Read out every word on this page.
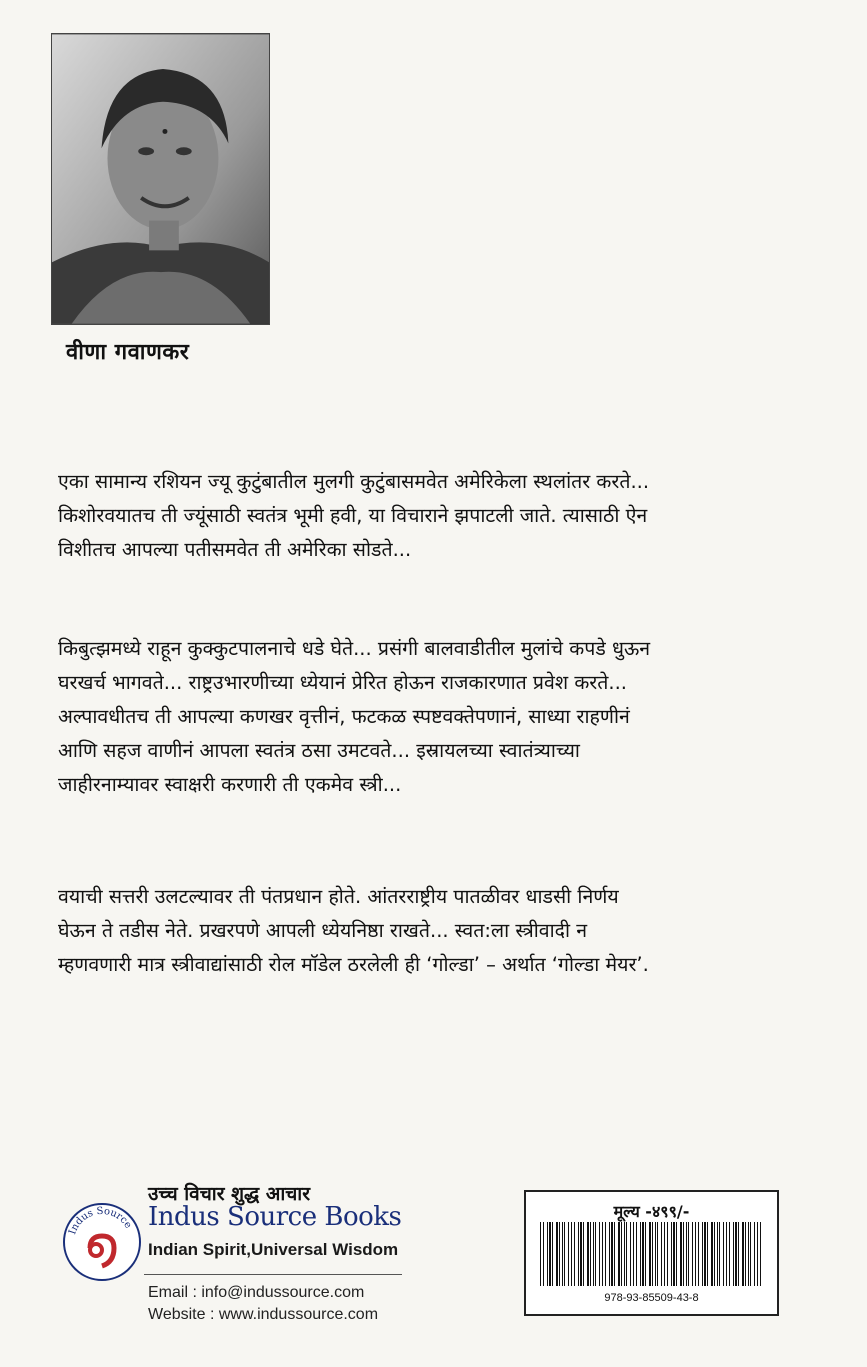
वीणा गवाणकर
एका सामान्य रशियन ज्यू कुटुंबातील मुलगी कुटुंबासमवेत अमेरिकेला स्थलांतर करते...
किशोरवयातच ती ज्यूंसाठी स्वतंत्र भूमी हवी, या विचाराने झपाटली जाते. त्यासाठी ऐन
विशीतच आपल्या पतीसमवेत ती अमेरिका सोडते...
किबुत्झमध्ये राहून कुक्कुटपालनाचे धडे घेते... प्रसंगी बालवाडीतील मुलांचे कपडे धुऊन
घरखर्च भागवते... राष्ट्रउभारणीच्या ध्येयानं प्रेरित होऊन राजकारणात प्रवेश करते...
अल्पावधीतच ती आपल्या कणखर वृत्तीनं, फटकळ स्पष्टवक्तेपणानं, साध्या राहणीनं
आणि सहज वाणीनं आपला स्वतंत्र ठसा उमटवते... इस्रायलच्या स्वातंत्र्याच्या
जाहीरनाम्यावर स्वाक्षरी करणारी ती एकमेव स्त्री...
वयाची सत्तरी उलटल्यावर ती पंतप्रधान होते. आंतरराष्ट्रीय पातळीवर धाडसी निर्णय
घेऊन ते तडीस नेते. प्रखरपणे आपली ध्येयनिष्ठा राखते... स्वत:ला स्त्रीवादी न
म्हणवणारी मात्र स्त्रीवाद्यांसाठी रोल मॉडेल ठरलेली ही ‘गोल्डा’ – अर्थात ‘गोल्डा मेयर’.
उच्च विचार शुद्ध आचार
Indus Source Indus Source Books
Indian Spirit,Universal Wisdom
Email : info@indussource.com
Website : www.indussource.com
मूल्य -४९९/-
978-93-85509-43-8
